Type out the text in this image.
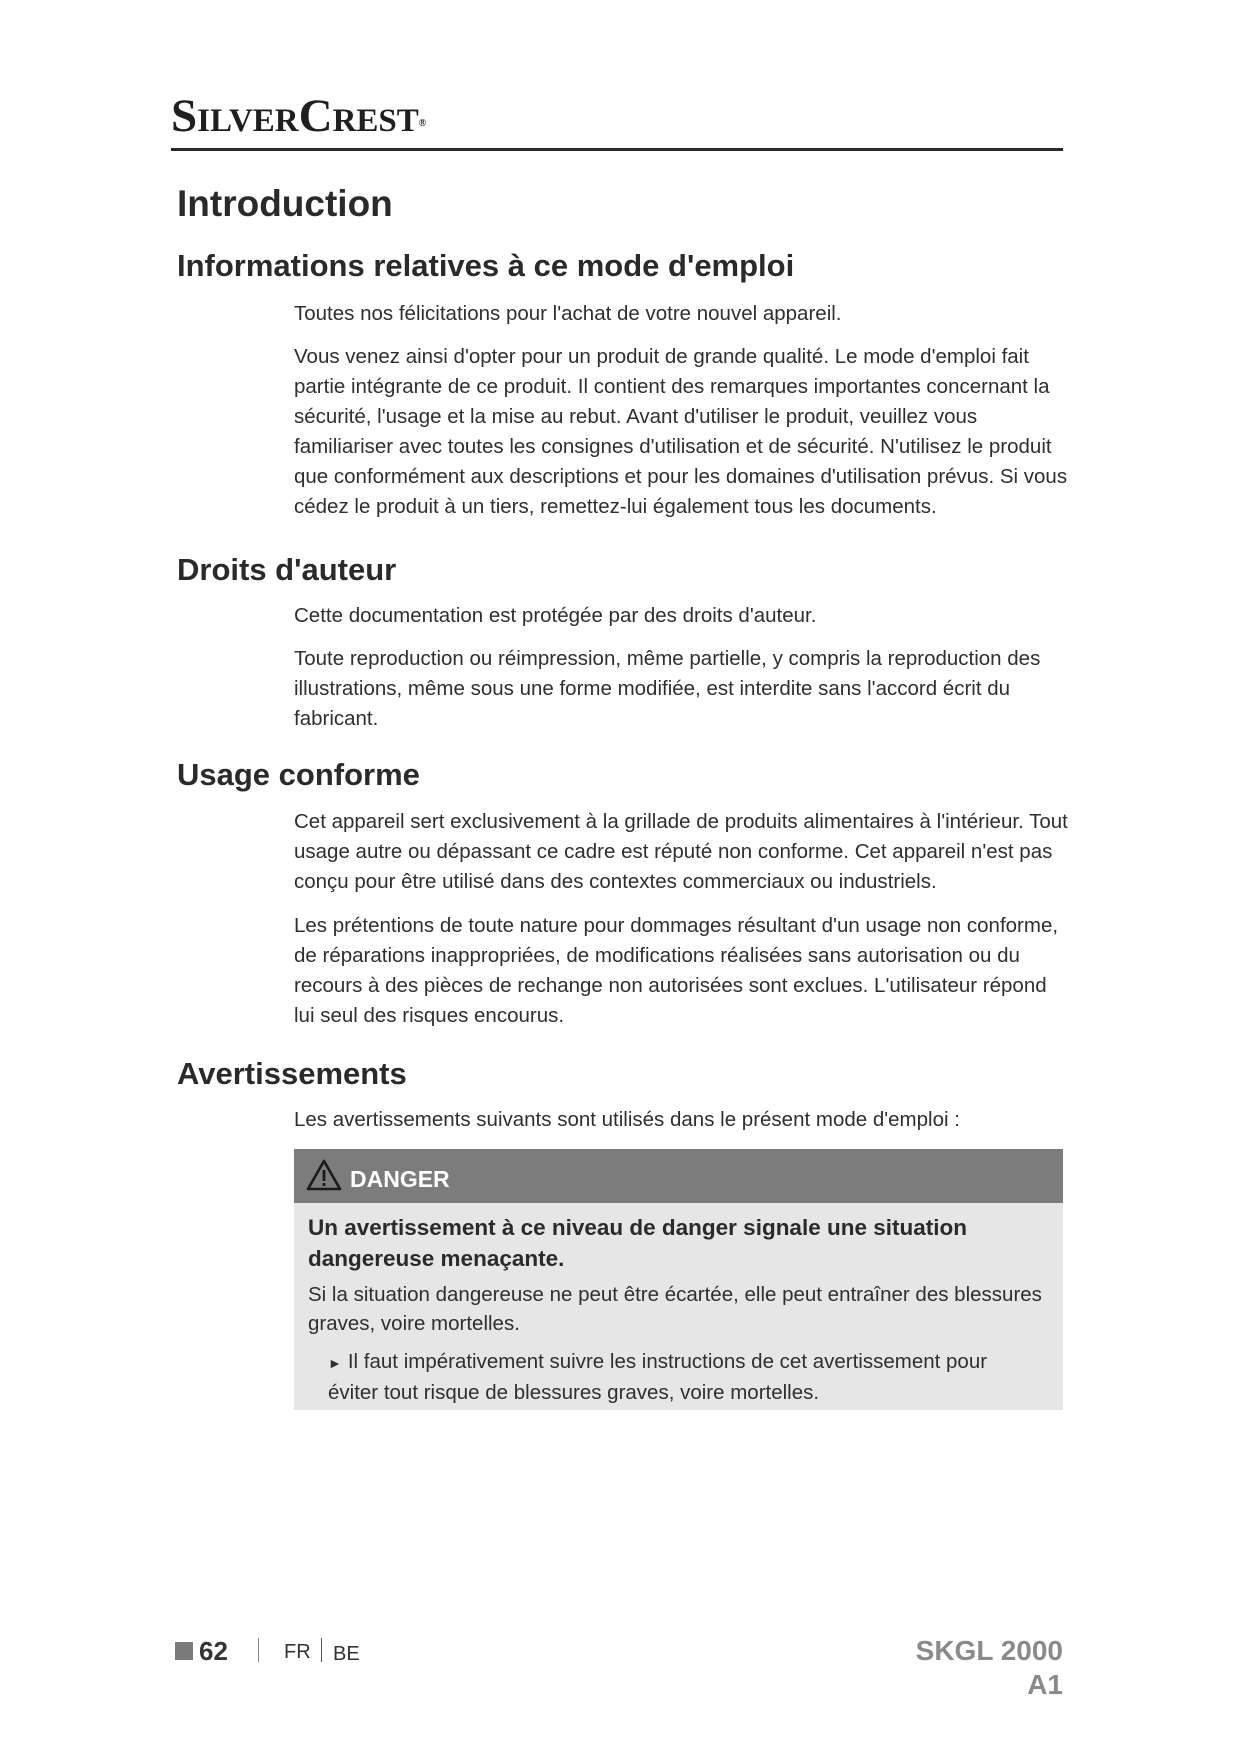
SilverCrest®
Introduction
Informations relatives à ce mode d'emploi

Toutes nos félicitations pour l'achat de votre nouvel appareil.

Vous venez ainsi d'opter pour un produit de grande qualité. Le mode d'emploi fait partie intégrante de ce produit. Il contient des remarques importantes concernant la sécurité, l'usage et la mise au rebut. Avant d'utiliser le produit, veuillez vous familiariser avec toutes les consignes d'utilisation et de sécurité. N'utilisez le produit que conformément aux descriptions et pour les domaines d'utilisation prévus. Si vous cédez le produit à un tiers, remettez-lui également tous les documents.

Droits d'auteur

Cette documentation est protégée par des droits d'auteur.

Toute reproduction ou réimpression, même partielle, y compris la reproduction des illustrations, même sous une forme modifiée, est interdite sans l'accord écrit du fabricant.

Usage conforme

Cet appareil sert exclusivement à la grillade de produits alimentaires à l'intérieur. Tout usage autre ou dépassant ce cadre est réputé non conforme. Cet appareil n'est pas conçu pour être utilisé dans des contextes commerciaux ou industriels.

Les prétentions de toute nature pour dommages résultant d'un usage non conforme, de réparations inappropriées, de modifications réalisées sans autorisation ou du recours à des pièces de rechange non autorisées sont exclues. L'utilisateur répond lui seul des risques encourus.

Avertissements

Les avertissements suivants sont utilisés dans le présent mode d'emploi :

DANGER
Un avertissement à ce niveau de danger signale une situation dangereuse menaçante.
Si la situation dangereuse ne peut être écartée, elle peut entraîner des blessures graves, voire mortelles.
► Il faut impérativement suivre les instructions de cet avertissement pour éviter tout risque de blessures graves, voire mortelles.
62	FR BE	SKGL 2000 A1
